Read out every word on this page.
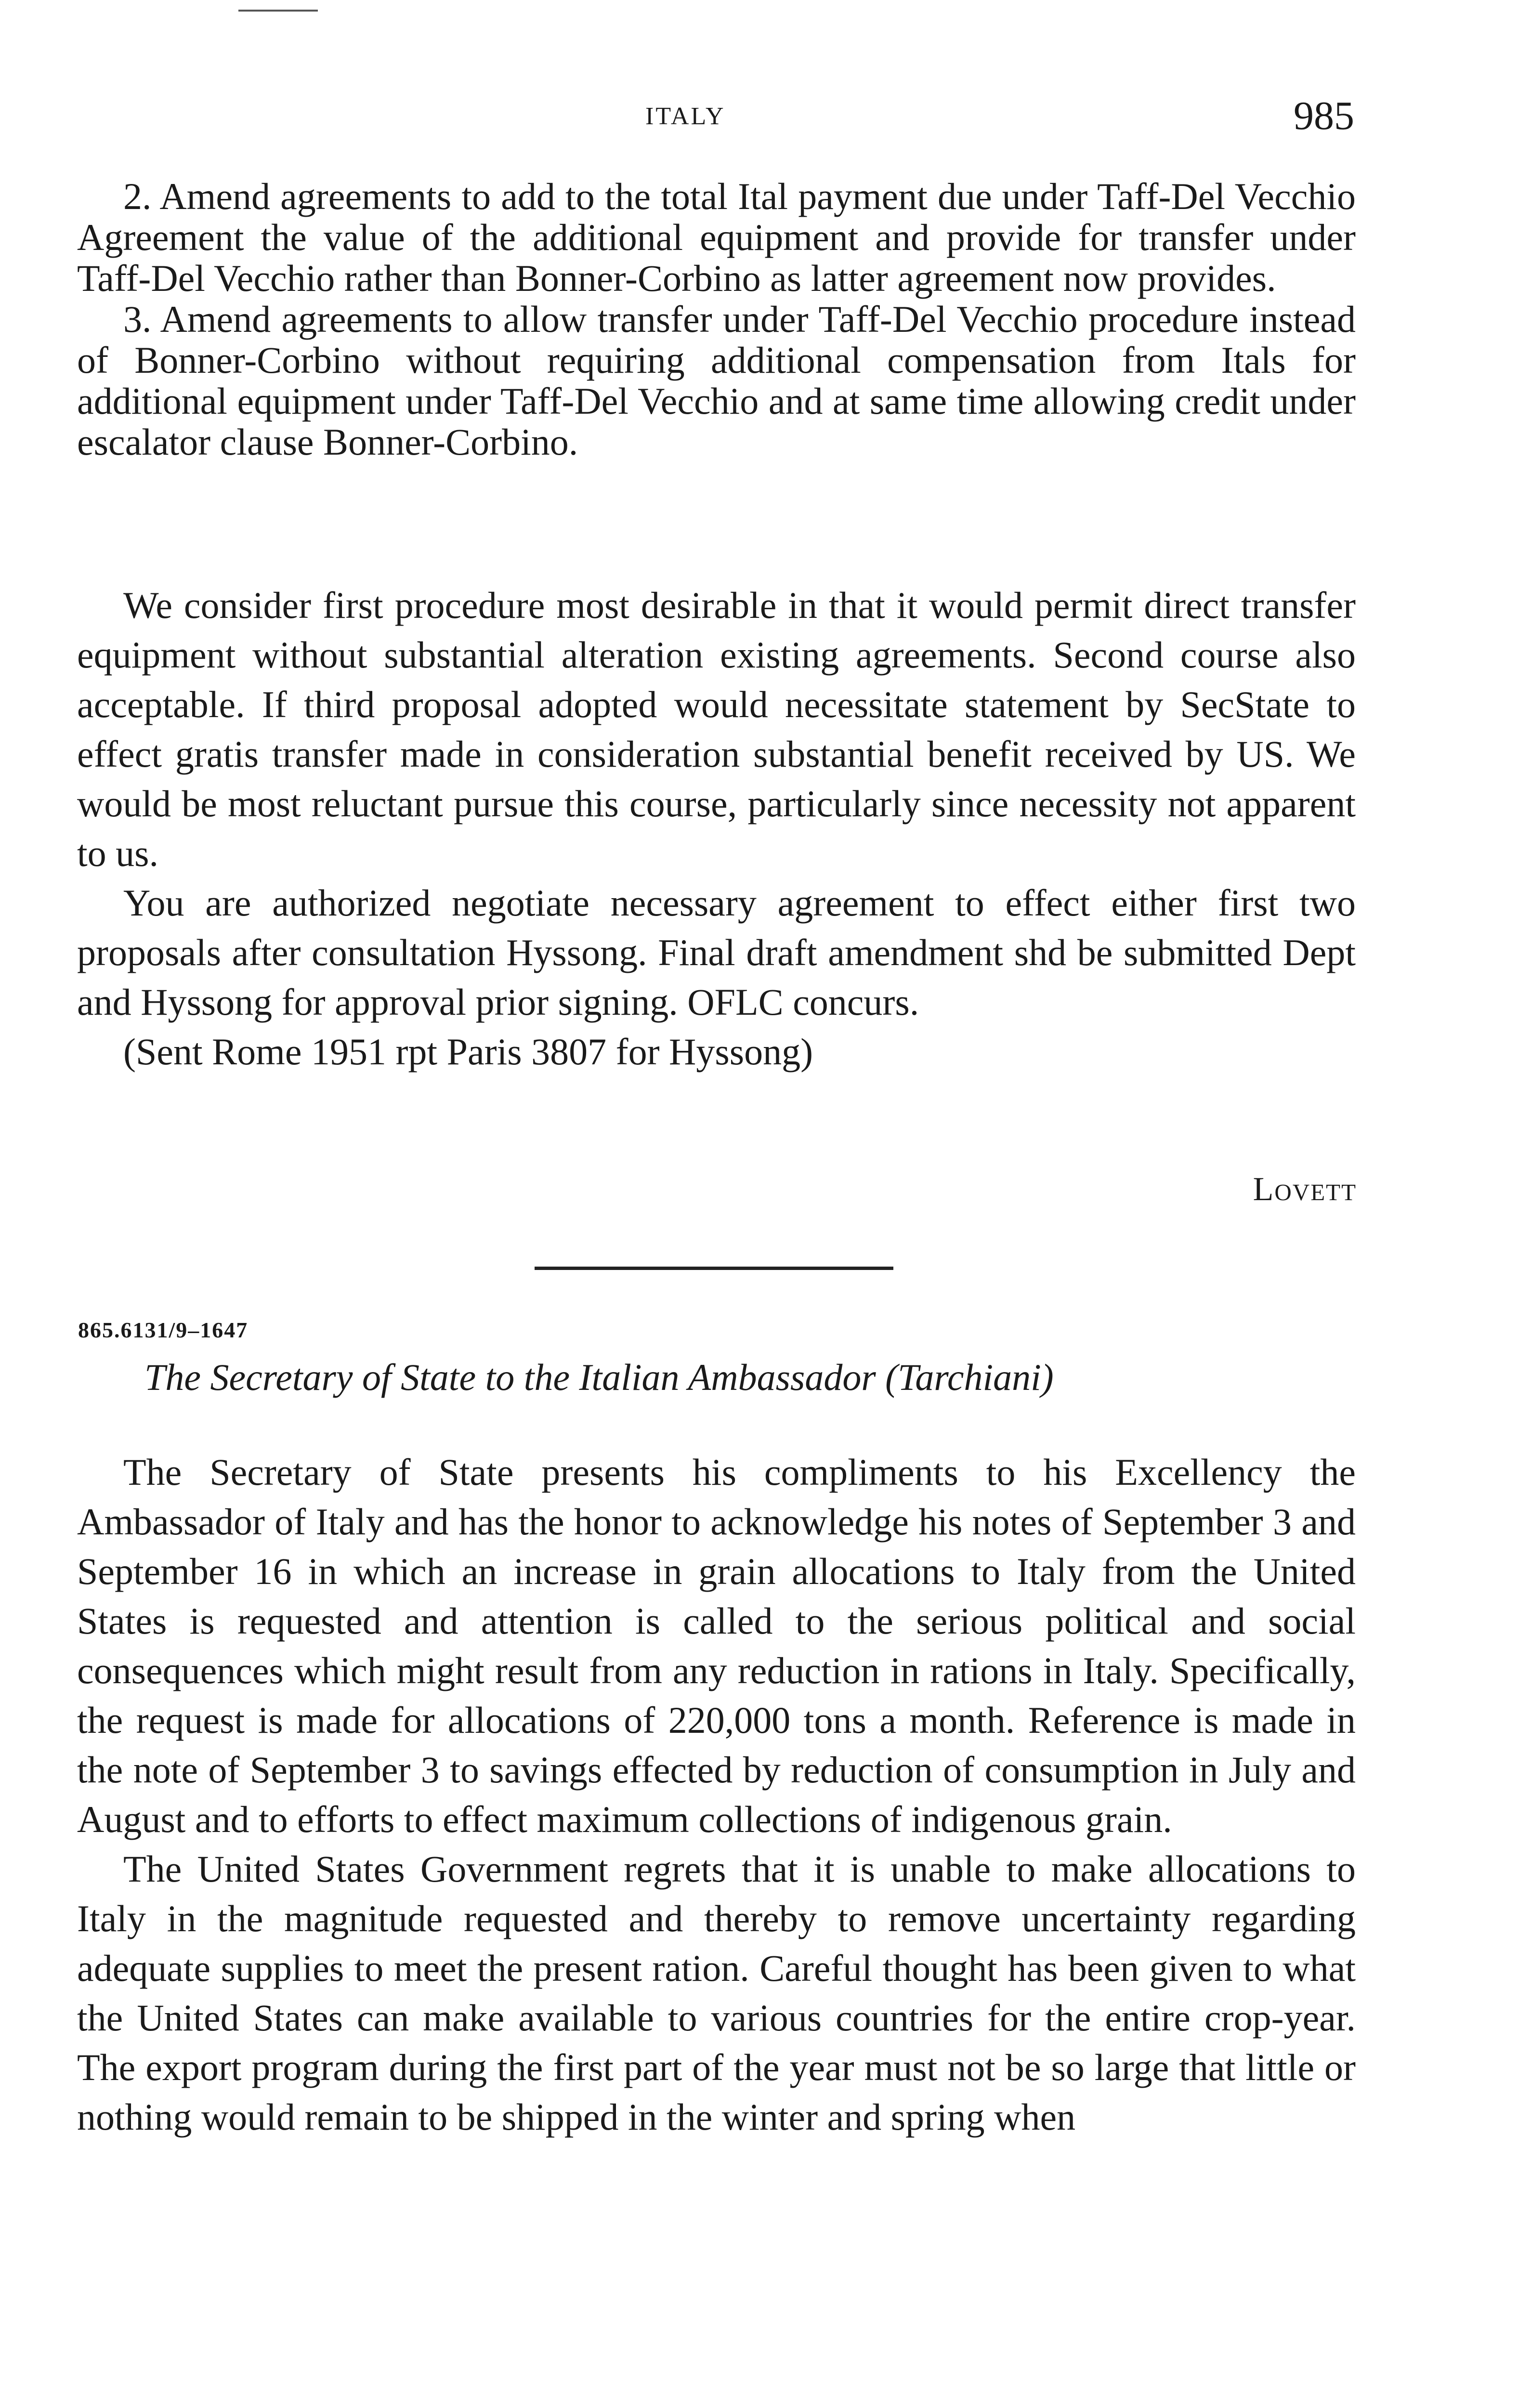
ITALY	985

2. Amend agreements to add to the total Ital payment due under Taff-Del Vecchio Agreement the value of the additional equipment and provide for transfer under Taff-Del Vecchio rather than Bonner-Corbino as latter agreement now provides.

3. Amend agreements to allow transfer under Taff-Del Vecchio procedure instead of Bonner-Corbino without requiring additional compensation from Itals for additional equipment under Taff-Del Vecchio and at same time allowing credit under escalator clause Bonner-Corbino.

We consider first procedure most desirable in that it would permit direct transfer equipment without substantial alteration existing agreements. Second course also acceptable. If third proposal adopted would necessitate statement by SecState to effect gratis transfer made in consideration substantial benefit received by US. We would be most reluctant pursue this course, particularly since necessity not apparent to us.

You are authorized negotiate necessary agreement to effect either first two proposals after consultation Hyssong. Final draft amendment shd be submitted Dept and Hyssong for approval prior signing. OFLC concurs.

(Sent Rome 1951 rpt Paris 3807 for Hyssong)

Lovett
865.6131/9–1647
The Secretary of State to the Italian Ambassador (Tarchiani)

The Secretary of State presents his compliments to his Excellency the Ambassador of Italy and has the honor to acknowledge his notes of September 3 and September 16 in which an increase in grain allocations to Italy from the United States is requested and attention is called to the serious political and social consequences which might result from any reduction in rations in Italy. Specifically, the request is made for allocations of 220,000 tons a month. Reference is made in the note of September 3 to savings effected by reduction of consumption in July and August and to efforts to effect maximum collections of indigenous grain.

The United States Government regrets that it is unable to make allocations to Italy in the magnitude requested and thereby to remove uncertainty regarding adequate supplies to meet the present ration. Careful thought has been given to what the United States can make available to various countries for the entire crop-year. The export program during the first part of the year must not be so large that little or nothing would remain to be shipped in the winter and spring when
